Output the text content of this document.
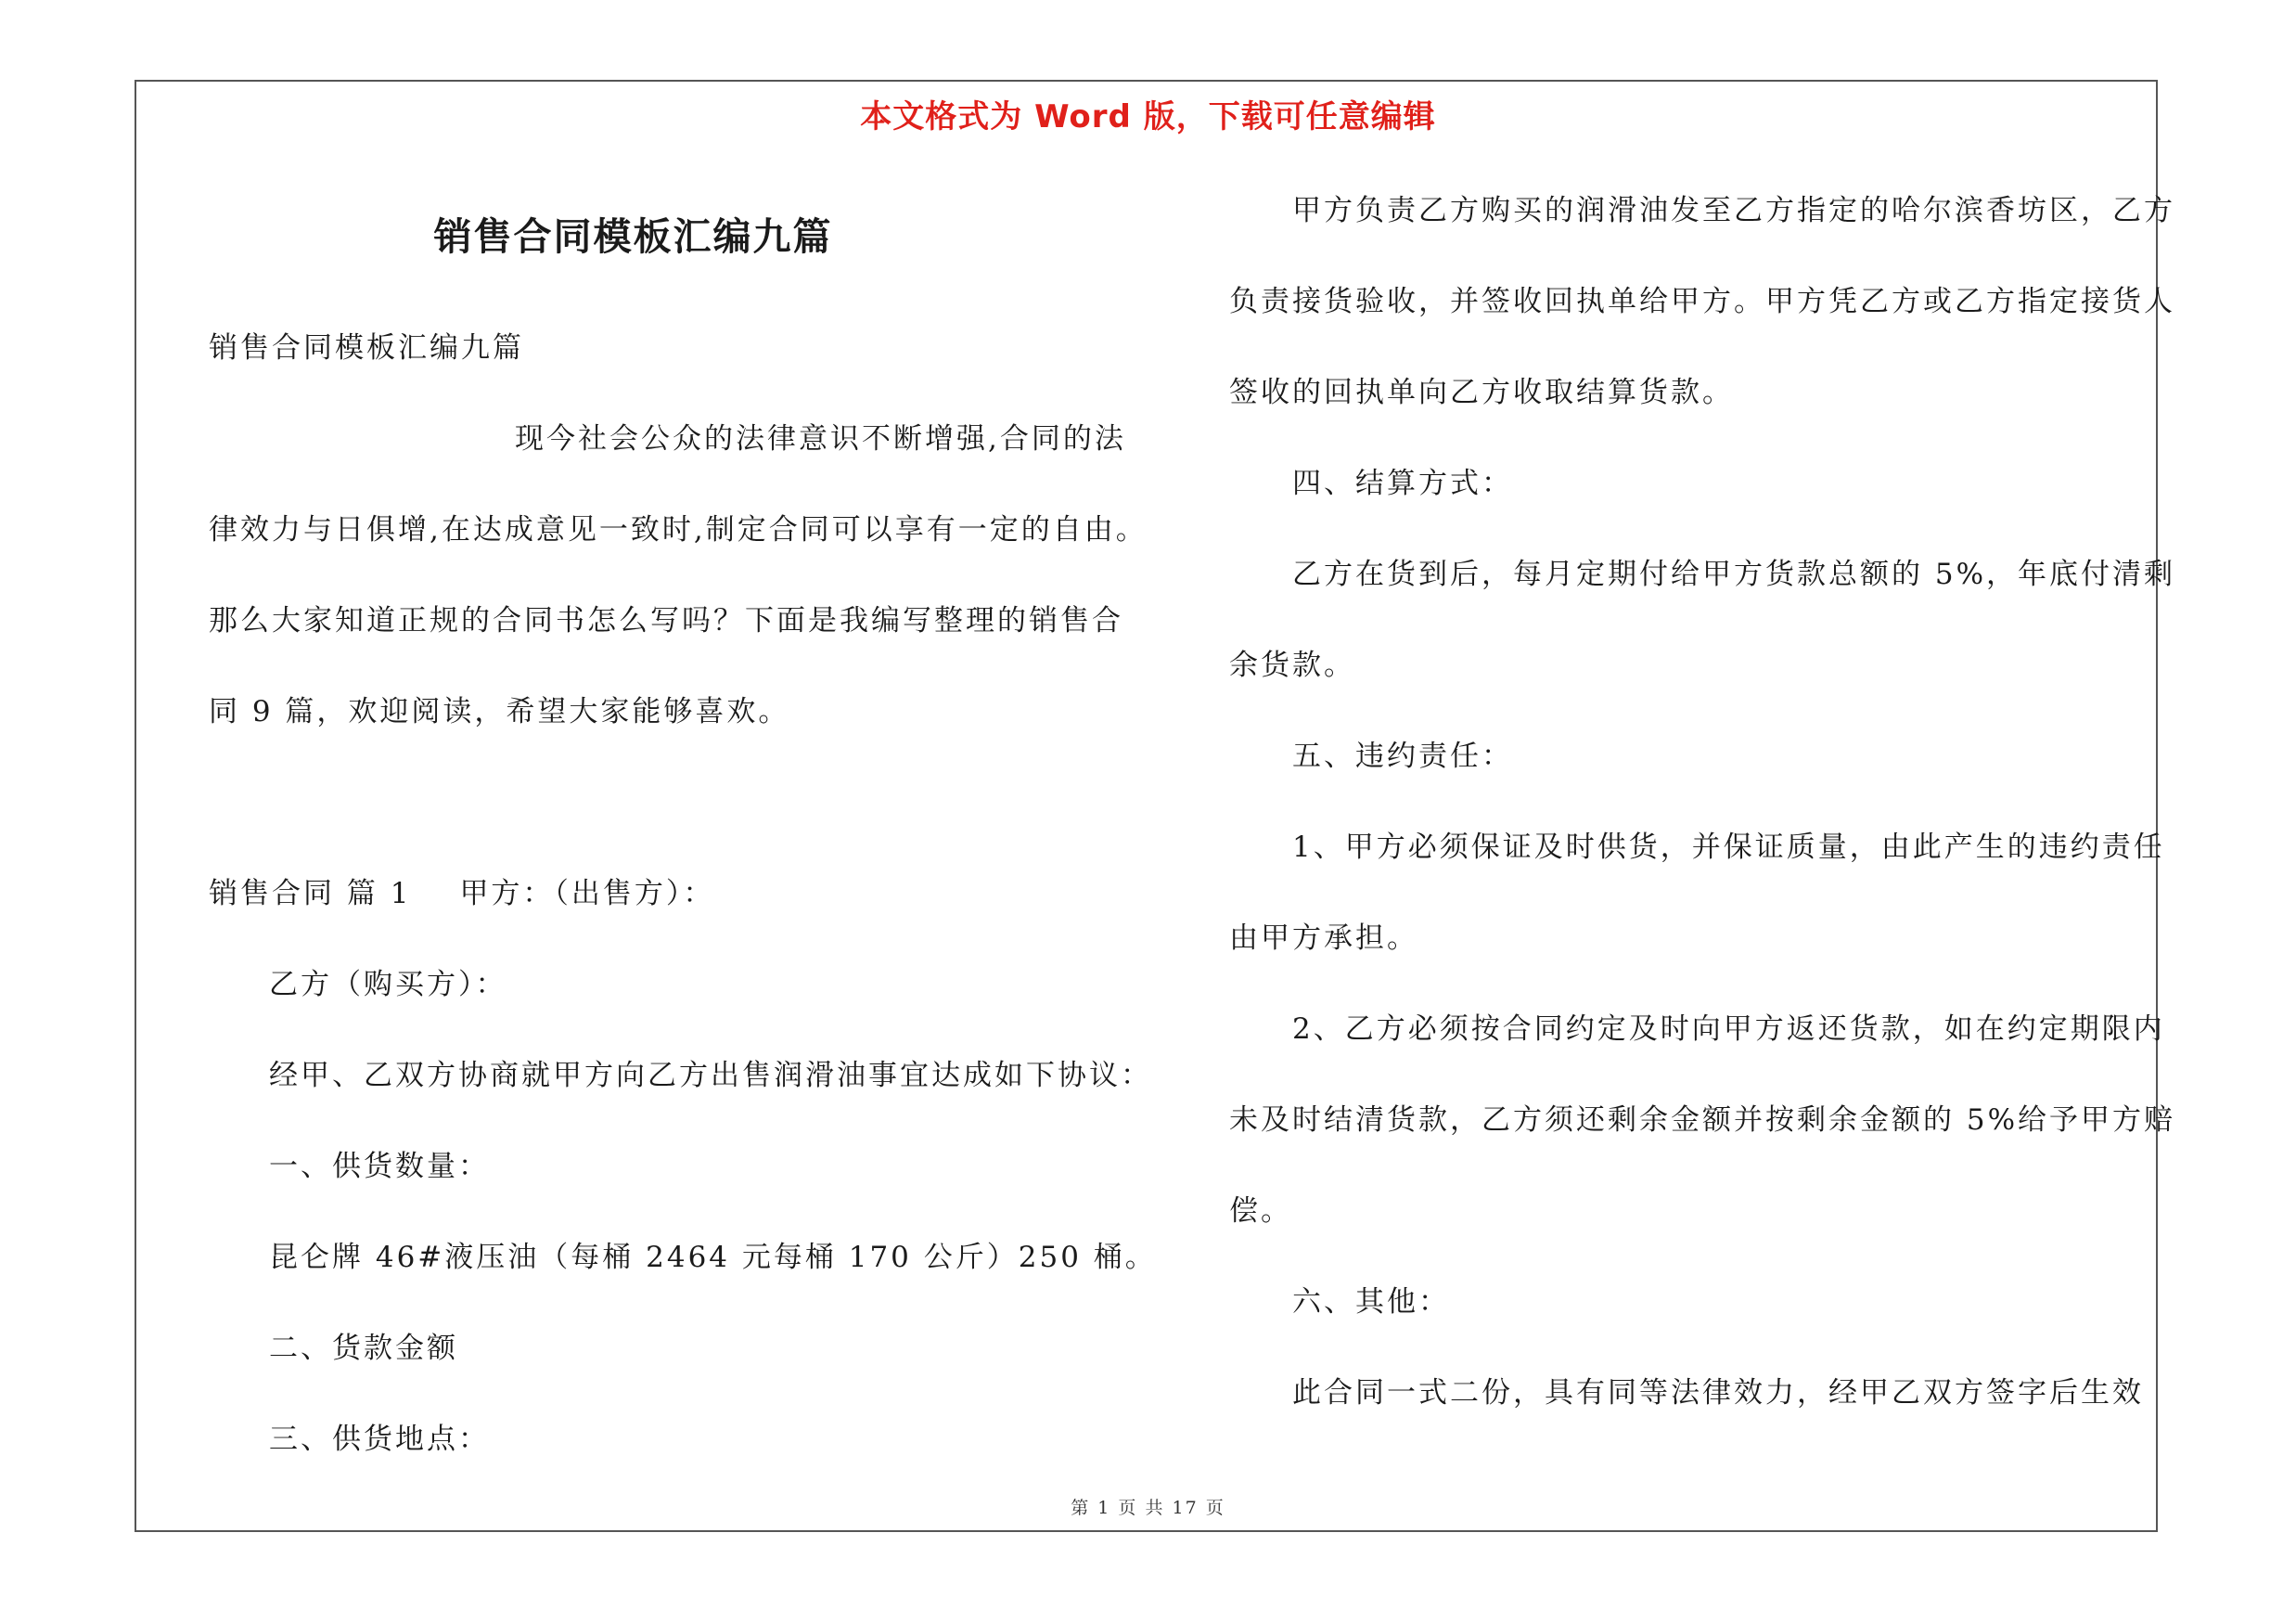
本文格式为 Word 版，下载可任意编辑
销售合同模板汇编九篇
销售合同模板汇编九篇
现今社会公众的法律意识不断增强,合同的法
律效力与日俱增,在达成意见一致时,制定合同可以享有一定的自由。
那么大家知道正规的合同书怎么写吗？下面是我编写整理的销售合
同 9 篇，欢迎阅读，希望大家能够喜欢。
销售合同 篇 1 甲方：（出售方）：
乙方（购买方）：
经甲、乙双方协商就甲方向乙方出售润滑油事宜达成如下协议：
一、供货数量：
昆仑牌 46#液压油（每桶 2464 元每桶 170 公斤）250 桶。
二、货款金额
三、供货地点：
甲方负责乙方购买的润滑油发至乙方指定的哈尔滨香坊区，乙方
负责接货验收，并签收回执单给甲方。甲方凭乙方或乙方指定接货人
签收的回执单向乙方收取结算货款。
四、结算方式：
乙方在货到后，每月定期付给甲方货款总额的 5%，年底付清剩
余货款。
五、违约责任：
1、甲方必须保证及时供货，并保证质量，由此产生的违约责任
由甲方承担。
2、乙方必须按合同约定及时向甲方返还货款，如在约定期限内
未及时结清货款，乙方须还剩余金额并按剩余金额的 5%给予甲方赔
偿。
六、其他：
此合同一式二份，具有同等法律效力，经甲乙双方签字后生效
第 1 页 共 17 页
